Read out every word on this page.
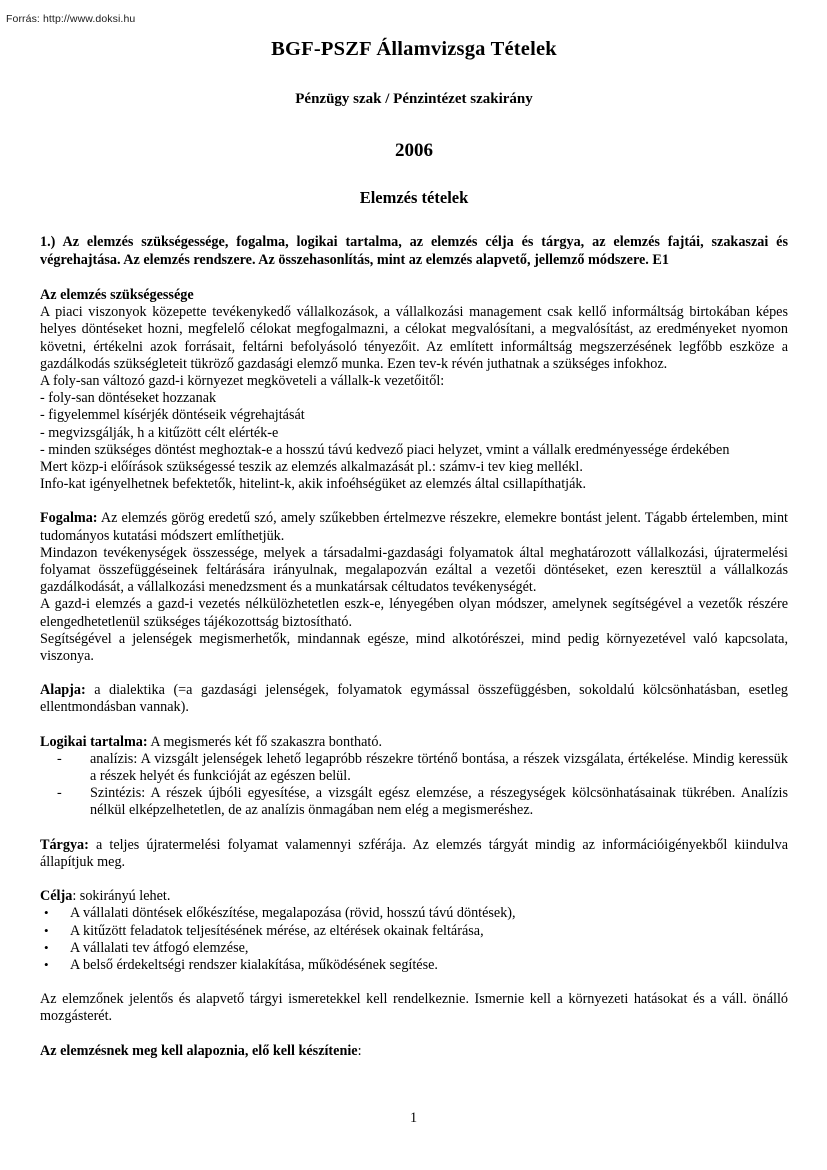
Forrás: http://www.doksi.hu
BGF-PSZF Államvizsga Tételek
Pénzügy szak / Pénzintézet szakirány
2006
Elemzés tételek

1.) Az elemzés szükségessége, fogalma, logikai tartalma, az elemzés célja és tárgya, az elemzés fajtái, szakaszai és végrehajtása. Az elemzés rendszere. Az összehasonlítás, mint az elemzés alapvető, jellemző módszere. E1

Az elemzés szükségessége

A piaci viszonyok közepette tevékenykedő vállalkozások, a vállalkozási management csak kellő informáltság birtokában képes helyes döntéseket hozni, megfelelő célokat megfogalmazni, a célokat megvalósítani, a megvalósítást, az eredményeket nyomon követni, értékelni azok forrásait, feltárni befolyásoló tényezőit. Az említett informáltság megszerzésének legfőbb eszköze a gazdálkodás szükségleteit tükröző gazdasági elemző munka. Ezen tev-k révén juthatnak a szükséges infokhoz.

A foly-san változó gazd-i környezet megköveteli a vállalk-k vezetőitől:

- foly-san döntéseket hozzanak
- figyelemmel kísérjék döntéseik végrehajtását
- megvizsgálják, h a kitűzött célt elérték-e
- minden szükséges döntést meghoztak-e a hosszú távú kedvező piaci helyzet, vmint a vállalk eredményessége érdekében
Mert közp-i előírások szükségessé teszik az elemzés alkalmazását pl.: számv-i tev kieg mellékl.
Info-kat igényelhetnek befektetők, hitelint-k, akik infoéhségüket az elemzés által csillapíthatják.

Fogalma: Az elemzés görög eredetű szó, amely szűkebben értelmezve részekre, elemekre bontást jelent. Tágabb értelemben, mint tudományos kutatási módszert említhetjük.

Mindazon tevékenységek összessége, melyek a társadalmi-gazdasági folyamatok által meghatározott vállalkozási, újratermelési folyamat összefüggéseinek feltárására irányulnak, megalapozván ezáltal a vezetői döntéseket, ezen keresztül a vállalkozás gazdálkodását, a vállalkozási menedzsment és a munkatársak céltudatos tevékenységét.

A gazd-i elemzés a gazd-i vezetés nélkülözhetetlen eszk-e, lényegében olyan módszer, amelynek segítségével a vezetők részére elengedhetetlenül szükséges tájékozottság biztosítható.

Segítségével a jelenségek megismerhetők, mindannak egésze, mind alkotórészei, mind pedig környezetével való kapcsolata, viszonya.

Alapja: a dialektika (=a gazdasági jelenségek, folyamatok egymással összefüggésben, sokoldalú kölcsönhatásban, esetleg ellentmondásban vannak).

Logikai tartalma: A megismerés két fő szakaszra bontható.

- analízis: A vizsgált jelenségek lehető legapróbb részekre történő bontása, a részek vizsgálata, értékelése. Mindig keressük a részek helyét és funkcióját az egészen belül.
- Szintézis: A részek újbóli egyesítése, a vizsgált egész elemzése, a részegységek kölcsönhatásainak tükrében. Analízis nélkül elképzelhetetlen, de az analízis önmagában nem elég a megismeréshez.

Tárgya: a teljes újratermelési folyamat valamennyi szférája. Az elemzés tárgyát mindig az információigényekből kiindulva állapítjuk meg.

Célja: sokirányú lehet.

• A vállalati döntések előkészítése, megalapozása (rövid, hosszú távú döntések),
• A kitűzött feladatok teljesítésének mérése, az eltérések okainak feltárása,
• A vállalati tev átfogó elemzése,
• A belső érdekeltségi rendszer kialakítása, működésének segítése.

Az elemzőnek jelentős és alapvető tárgyi ismeretekkel kell rendelkeznie. Ismernie kell a környezeti hatásokat és a váll. önálló mozgásterét.

Az elemzésnek meg kell alapoznia, elő kell készítenie:

1
